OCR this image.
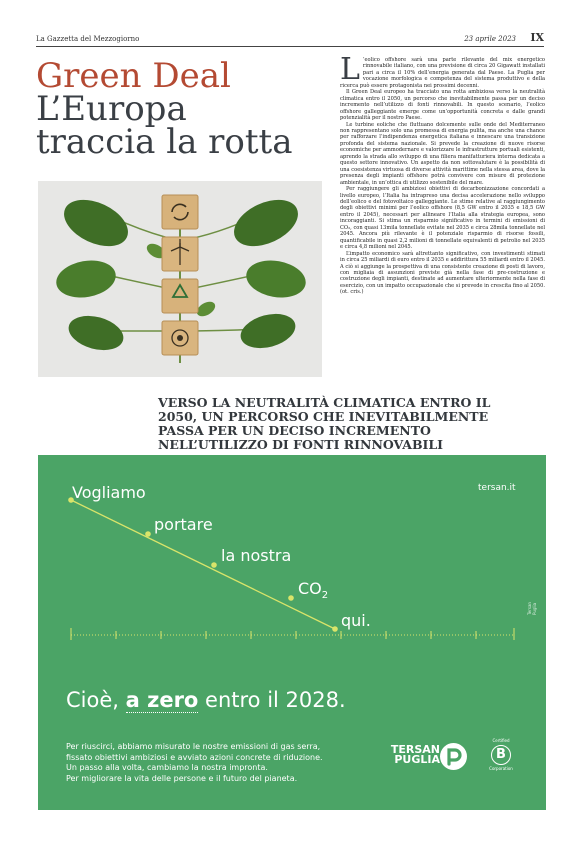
La Gazzetta del Mezzogiorno	23 aprile 2023 IX
Green Deal
L’Europa
traccia la rotta
L ’eolico offshore sarà una parte rilevante del mix energetico rinnovabile italiano, con una previsione di circa 20 Gigawatt installati pari a circa il 10% dell’energia generata dal Paese. La Puglia per vocazione morfologica e competenza del sistema produttivo e della ricerca può essere protagonista nei prossimi decenni.

Il Green Deal europeo ha tracciato una rotta ambiziosa verso la neutralità climatica entro il 2050, un percorso che inevitabilmente passa per un deciso incremento nell’utilizzo di fonti rinnovabili. In questo scenario, l’eolico offshore galleggiante emerge come un’opportunità concreta e dalle grandi potenzialità per il nostro Paese.

Le turbine eoliche che fluttuano dolcemente sulle onde del Mediterraneo non rappresentano solo una promessa di energia pulita, ma anche una chance per rafforzare l’indipendenza energetica italiana e innescare una transizione profonda del sistema nazionale. Si prevede la creazione di nuove risorse economiche per ammodernare e valorizzare le infrastrutture portuali esistenti, aprendo la strada allo sviluppo di una filiera manifatturiera interna dedicata a questo settore innovativo. Un aspetto da non sottovalutare è la possibilità di una coesistenza virtuosa di diverse attività marittime nella stessa area, dove la presenza degli impianti offshore potrà convivere con misure di protezione ambientale, in un’ottica di utilizzo sostenibile del mare.

Per raggiungere gli ambiziosi obiettivi di decarbonizzazione concordati a livello europeo, l’Italia ha intrapreso una decisa accelerazione nello sviluppo dell’eolico e del fotovoltaico galleggiante. Le stime relative al raggiungimento degli obiettivi minimi per l’eolico offshore (8,5 GW entro il 2035 e 18,5 GW entro il 2045), necessari per allineare l’Italia alla strategia europea, sono incoraggianti. Si stima un risparmio significativo in termini di emissioni di CO₂, con quasi 13mila tonnellate evitate nel 2035 e circa 28mila tonnellate nel 2045. Ancora più rilevante è il potenziale risparmio di risorse fossili, quantificabile in quasi 2,2 milioni di tonnellate equivalenti di petrolio nel 2035 e circa 4,8 milioni nel 2045.

L’impatto economico sarà altrettanto significativo, con investimenti stimati in circa 25 miliardi di euro entro il 2035 e addirittura 55 miliardi entro il 2045. A ciò si aggiunge la prospettiva di una consistente creazione di posti di lavoro, con migliaia di assunzioni previste già nella fase di pre-costruzione e costruzione degli impianti, destinate ad aumentare ulteriormente nella fase di esercizio, con un impatto occupazionale che si prevede in crescita fino al 2050. (ot. cris.)

VERSO LA NEUTRALITÀ CLIMATICA ENTRO IL 2050, UN PERCORSO CHE INEVITABILMENTE PASSA PER UN DECISO INCREMENTO NELL’UTILIZZO DI FONTI RINNOVABILI
Vogliamo
portare
la nostra
$CO_2$
qui.
tersan.it
Tersan Puglia
Cioè, a zero entro il 2028.
Per riuscirci, abbiamo misurato le nostre emissioni di gas serra,
fissato obiettivi ambiziosi e avviato azioni concrete di riduzione.
Un passo alla volta, cambiamo la nostra impronta.
Per migliorare la vita delle persone e il futuro del pianeta.
TERSAN
PUGLIA
Certified
B
Corporation
